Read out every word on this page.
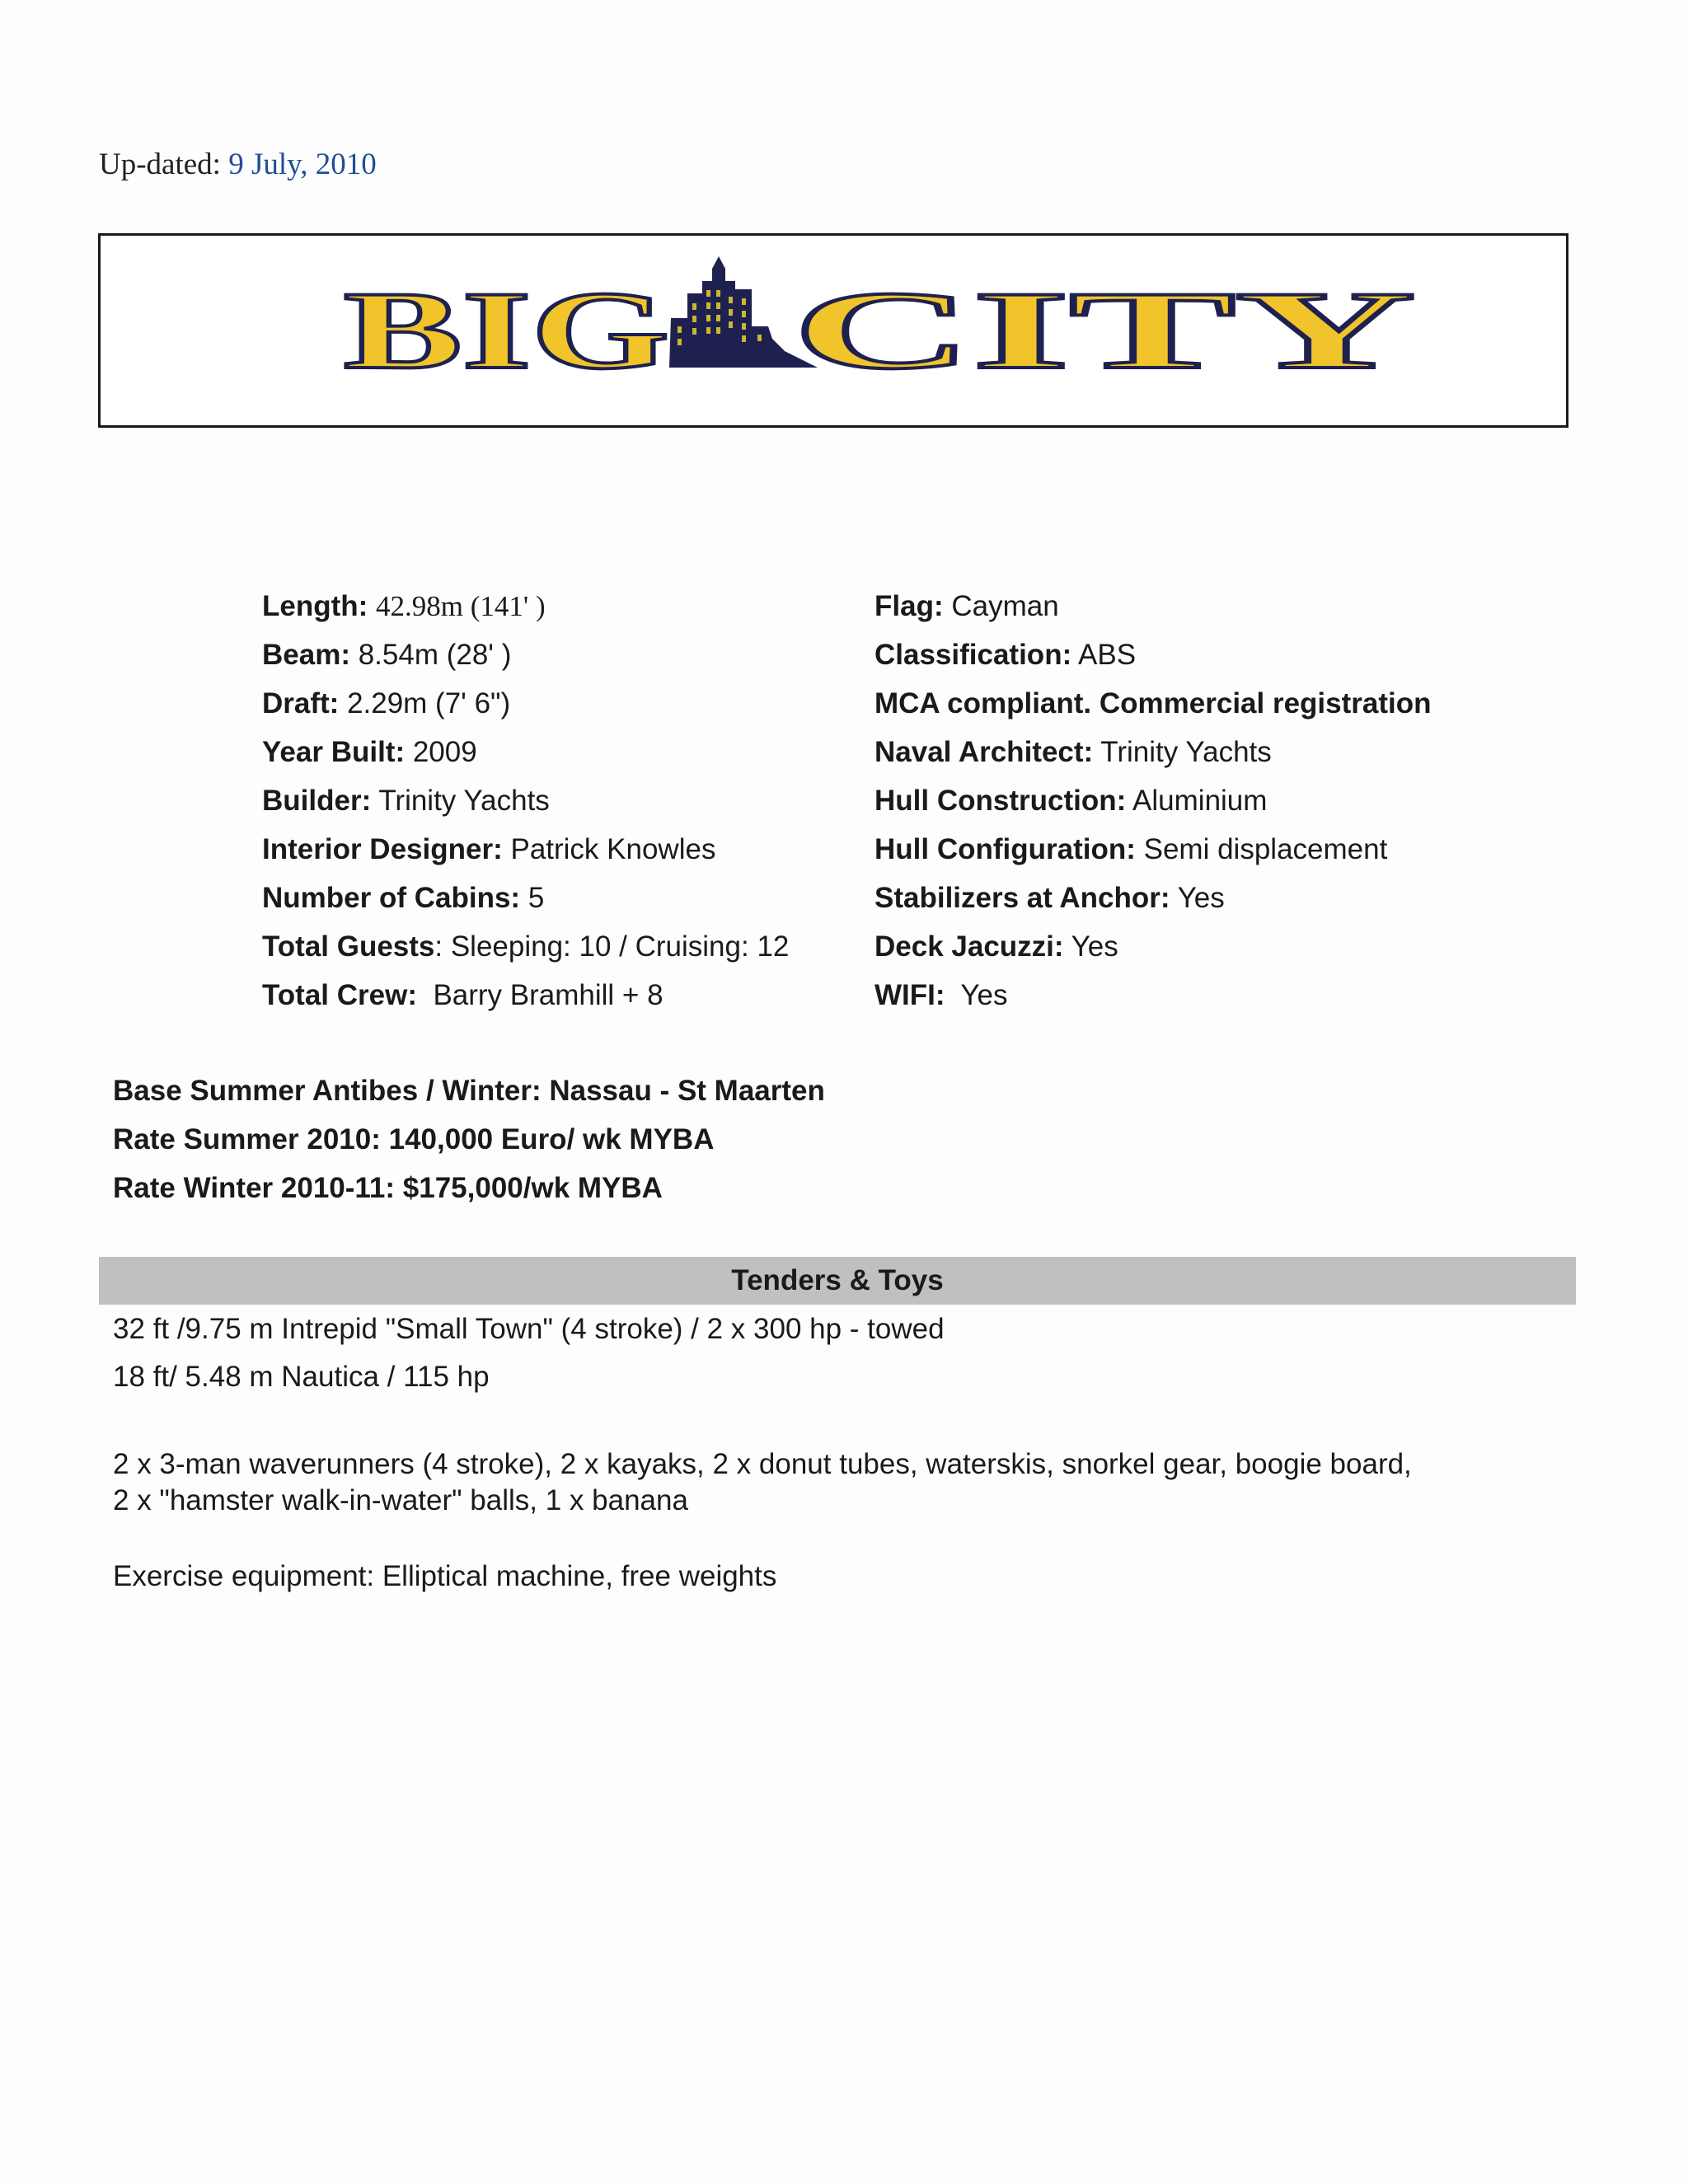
Up-dated: 9 July, 2010
BIG CITY
Length: 42.98m (141' )
Beam: 8.54m (28' )
Draft: 2.29m (7' 6")
Year Built: 2009
Builder: Trinity Yachts
Interior Designer: Patrick Knowles
Number of Cabins: 5
Total Guests: Sleeping: 10 / Cruising: 12
Total Crew: Barry Bramhill + 8
Flag: Cayman
Classification: ABS
MCA compliant. Commercial registration
Naval Architect: Trinity Yachts
Hull Construction: Aluminium
Hull Configuration: Semi displacement
Stabilizers at Anchor: Yes
Deck Jacuzzi: Yes
WIFI: Yes
Base Summer Antibes / Winter: Nassau - St Maarten
Rate Summer 2010: 140,000 Euro/ wk MYBA
Rate Winter 2010-11: $175,000/wk MYBA
Tenders & Toys
32 ft /9.75 m Intrepid "Small Town" (4 stroke) / 2 x 300 hp - towed
18 ft/ 5.48 m Nautica / 115 hp
2 x 3-man waverunners (4 stroke), 2 x kayaks, 2 x donut tubes, waterskis, snorkel gear, boogie board,
2 x "hamster walk-in-water" balls, 1 x banana
Exercise equipment: Elliptical machine, free weights
